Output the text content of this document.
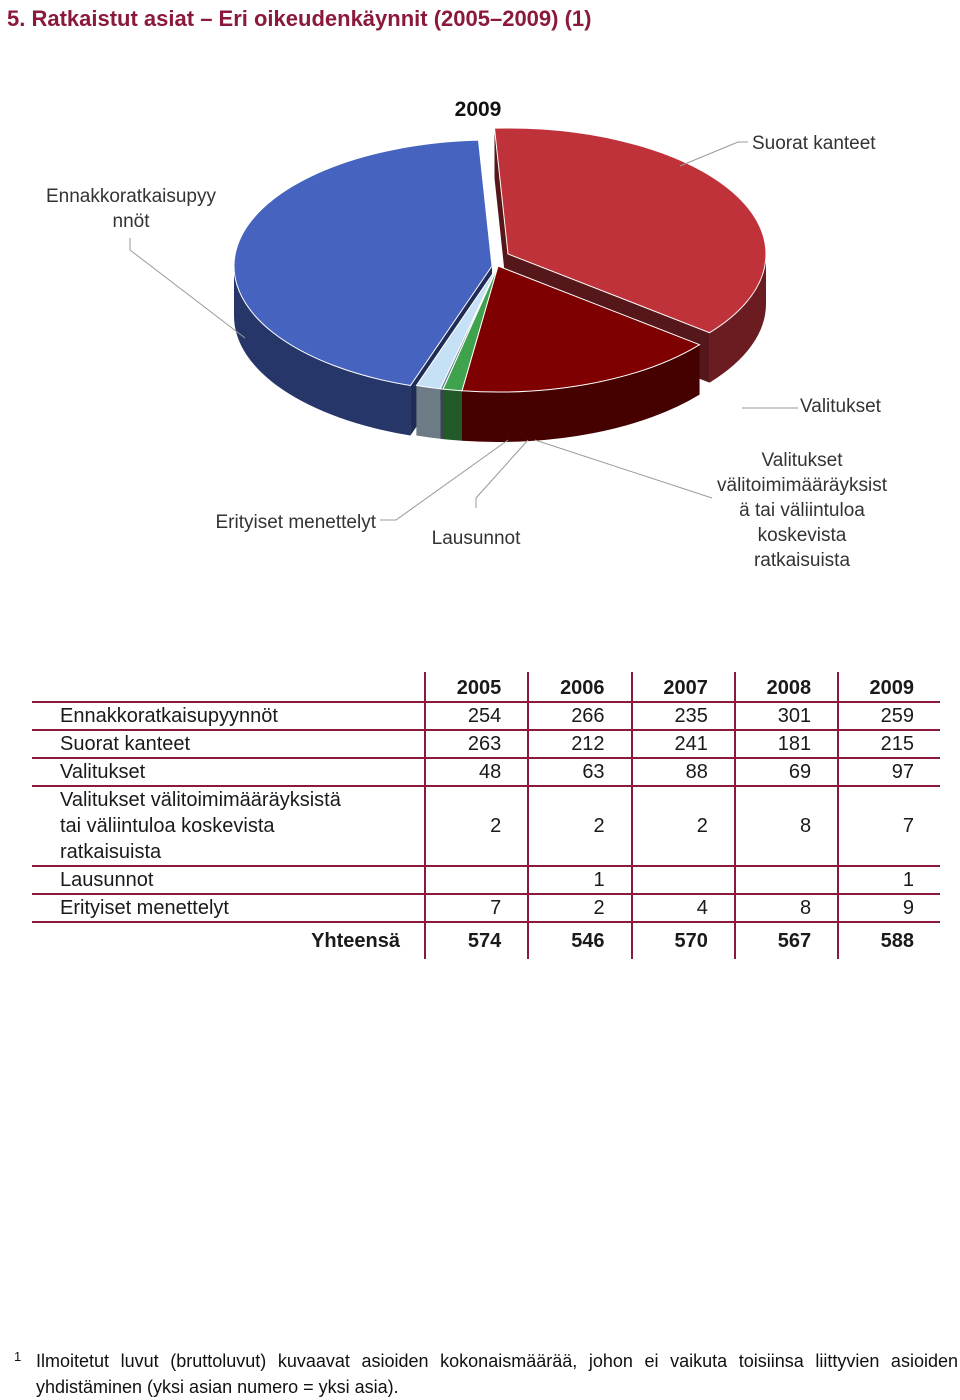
5. Ratkaistut asiat – Eri oikeudenkäynnit (2005–2009) (1)
2009
Suorat kanteet
Ennakkoratkaisupyy
nnöt
Valitukset
Valitukset
välitoimimääräyksist
ä tai väliintuloa
koskevista
ratkaisuista
Erityiset menettelyt
Lausunnot
	2005	2006	2007	2008	2009
Ennakkoratkaisupyynnöt	254	266	235	301	259
Suorat kanteet	263	212	241	181	215
Valitukset	48	63	88	69	97

Valitukset välitoimimääräyksistä
tai väliintuloa koskevista
ratkaisuista	2	2	2	8	7
Lausunnot		1			1
Erityiset menettelyt	7	2	4	8	9
Yhteensä	574	546	570	567	588
1 Ilmoitetut luvut (bruttoluvut) kuvaavat asioiden kokonaismäärää, johon ei vaikuta toisiinsa liittyvien asioiden yhdistäminen (yksi asian numero = yksi asia).
